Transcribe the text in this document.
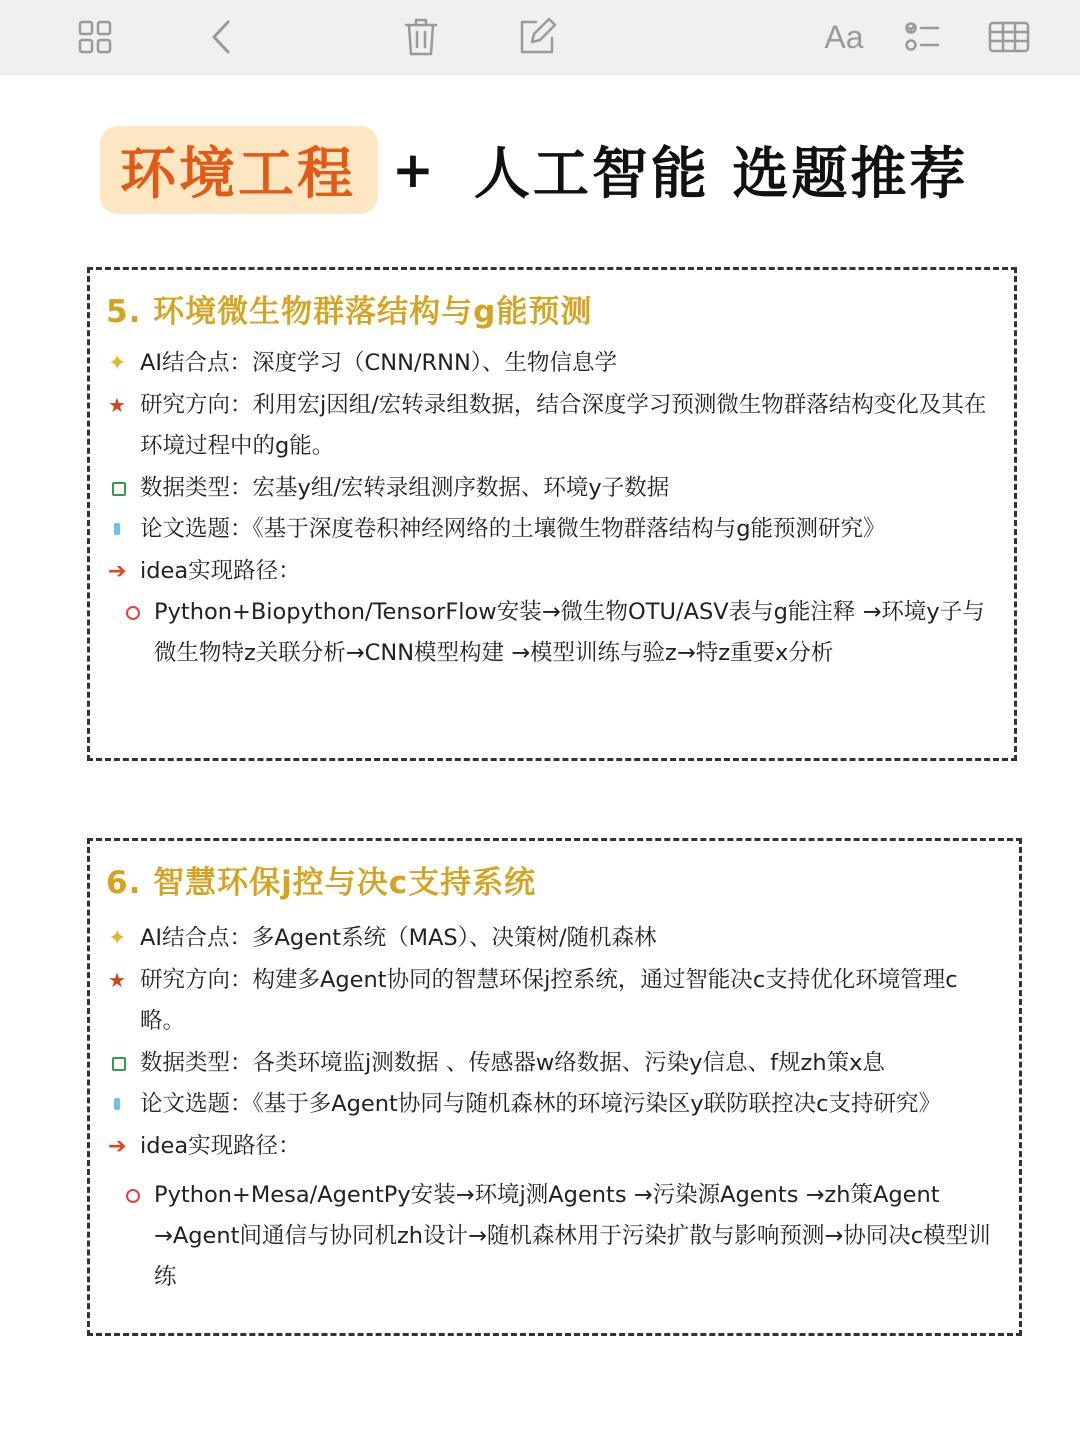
Aa
环境工程 + 人工智能 选题推荐
5. 环境微生物群落结构与g能预测
✦ AI结合点：深度学习（CNN/RNN）、生物信息学
★ 研究方向：利用宏j因组/宏转录组数据，结合深度学习预测微生物群落结构变化及其在环境过程中的g能。
数据类型：宏基y组/宏转录组测序数据、环境y子数据
论文选题：《基于深度卷积神经网络的土壤微生物群落结构与g能预测研究》
➔ idea实现路径：
Python+Biopython/TensorFlow安装→微生物OTU/ASV表与g能注释 →环境y子与微生物特z关联分析→CNN模型构建 →模型训练与验z→特z重要x分析
6. 智慧环保j控与决c支持系统
✦ AI结合点：多Agent系统（MAS）、决策树/随机森林
★ 研究方向：构建多Agent协同的智慧环保j控系统，通过智能决c支持优化环境管理c略。
数据类型：各类环境监j测数据 、传感器w络数据、污染y信息、f规zh策x息
论文选题：《基于多Agent协同与随机森林的环境污染区y联防联控决c支持研究》
➔ idea实现路径：
Python+Mesa/AgentPy安装→环境j测Agents →污染源Agents →zh策Agent →Agent间通信与协同机zh设计→随机森林用于污染扩散与影响预测→协同决c模型训练
